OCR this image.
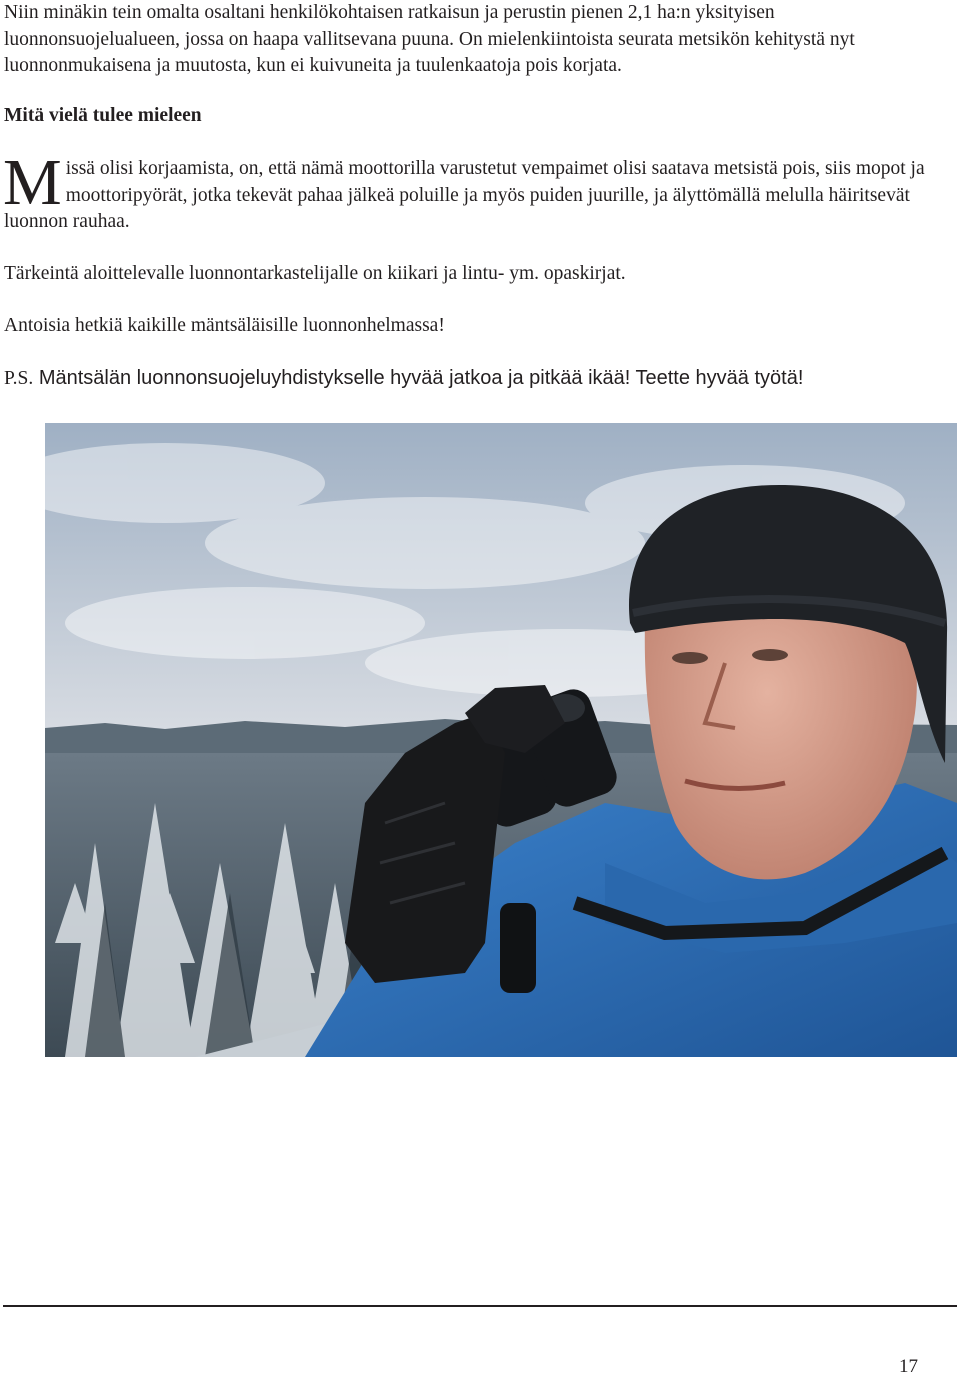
Niin minäkin tein omalta osaltani henkilökohtaisen ratkaisun ja perustin pienen 2,1 ha:n yksityisen luonnonsuojelualueen, jossa on haapa vallitsevana puuna. On mielenkiintoista seurata metsikön kehitystä nyt luonnonmukaisena ja muutosta, kun ei kuivuneita ja tuulenkaatoja pois korjata.

Mitä vielä tulee mieleen

Missä olisi korjaamista, on, että nämä moottorilla varustetut vempaimet olisi saatava metsistä pois, siis mopot ja moottoripyörät, jotka tekevät pahaa jälkeä poluille ja myös puiden juurille, ja älyttömällä melulla häiritsevät luonnon rauhaa.

Tärkeintä aloittelevalle luonnontarkastelijalle on kiikari ja lintu- ym. opaskirjat.

Antoisia hetkiä kaikille mäntsäläisille luonnonhelmassa!

P.S. Mäntsälän luonnonsuojeluyhdistykselle hyvää jatkoa ja pitkää ikää! Teette hyvää työtä!

17
